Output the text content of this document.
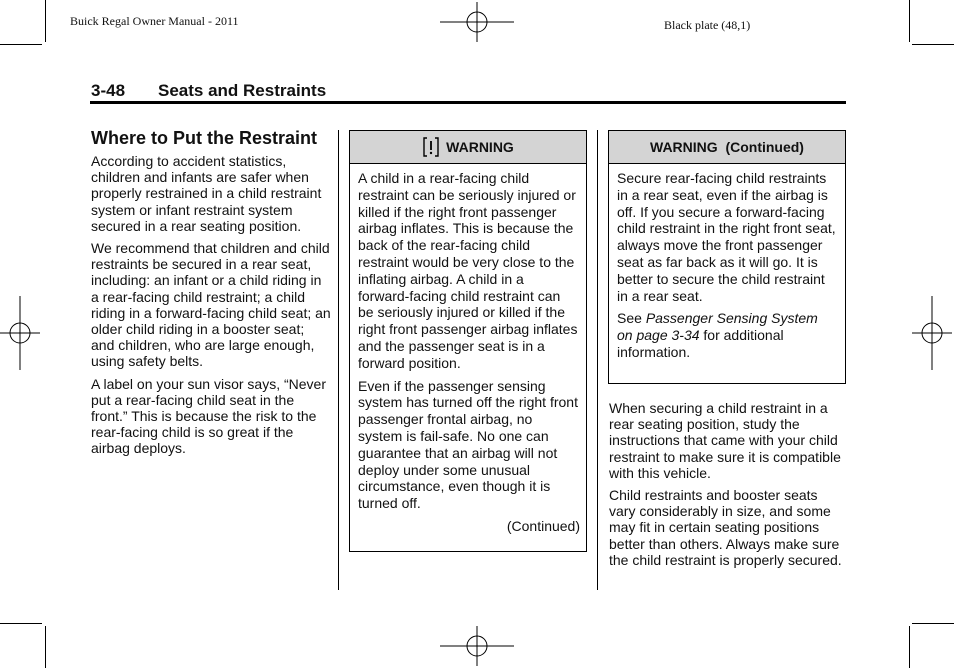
Buick Regal Owner Manual - 2011	Black plate (48,1)
3-48 Seats and Restraints
Where to Put the Restraint

According to accident statistics, children and infants are safer when properly restrained in a child restraint system or infant restraint system secured in a rear seating position.

We recommend that children and child restraints be secured in a rear seat, including: an infant or a child riding in a rear-facing child restraint; a child riding in a forward-facing child seat; an older child riding in a booster seat; and children, who are large enough, using safety belts.

A label on your sun visor says, “Never put a rear-facing child seat in the front.” This is because the risk to the rear-facing child is so great if the airbag deploys.

WARNING

A child in a rear-facing child restraint can be seriously injured or killed if the right front passenger airbag inflates. This is because the back of the rear-facing child restraint would be very close to the inflating airbag. A child in a forward-facing child restraint can be seriously injured or killed if the right front passenger airbag inflates and the passenger seat is in a forward position.

Even if the passenger sensing system has turned off the right front passenger frontal airbag, no system is fail-safe. No one can guarantee that an airbag will not deploy under some unusual circumstance, even though it is turned off.

(Continued)
WARNING  (Continued)

Secure rear-facing child restraints in a rear seat, even if the airbag is off. If you secure a forward-facing child restraint in the right front seat, always move the front passenger seat as far back as it will go. It is better to secure the child restraint in a rear seat.

See Passenger Sensing System on page 3-34 for additional information.

When securing a child restraint in a rear seating position, study the instructions that came with your child restraint to make sure it is compatible with this vehicle.

Child restraints and booster seats vary considerably in size, and some may fit in certain seating positions better than others. Always make sure the child restraint is properly secured.
